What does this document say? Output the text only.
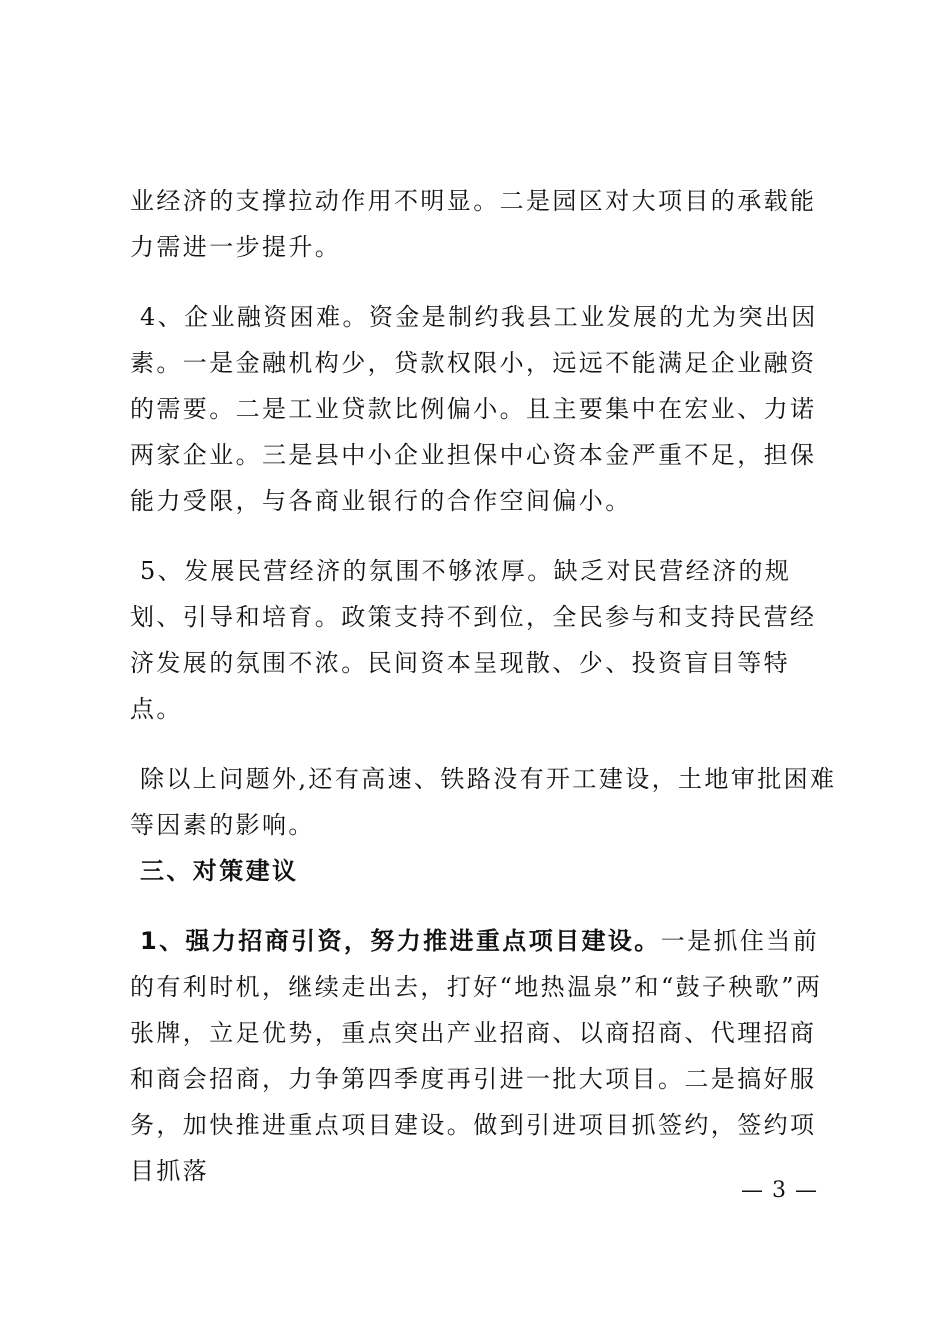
业经济的支撑拉动作用不明显。二是园区对大项目的承载能力需进一步提升。

4、企业融资困难。资金是制约我县工业发展的尤为突出因素。一是金融机构少，贷款权限小，远远不能满足企业融资的需要。二是工业贷款比例偏小。且主要集中在宏业、力诺两家企业。三是县中小企业担保中心资本金严重不足，担保能力受限，与各商业银行的合作空间偏小。

5、发展民营经济的氛围不够浓厚。缺乏对民营经济的规划、引导和培育。政策支持不到位，全民参与和支持民营经济发展的氛围不浓。民间资本呈现散、少、投资盲目等特点。

除以上问题外,还有高速、铁路没有开工建设，土地审批困难等因素的影响。

三、对策建议

1、强力招商引资，努力推进重点项目建设。一是抓住当前的有利时机，继续走出去，打好“地热温泉”和“鼓子秧歌”两张牌，立足优势，重点突出产业招商、以商招商、代理招商和商会招商，力争第四季度再引进一批大项目。二是搞好服务，加快推进重点项目建设。做到引进项目抓签约，签约项目抓落

— 3 —
